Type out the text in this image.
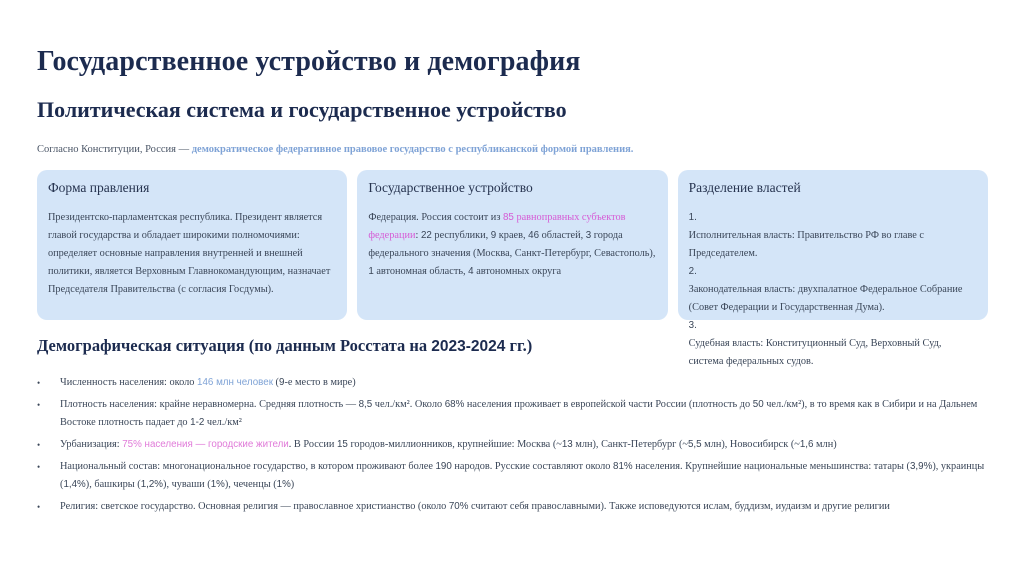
Государственное устройство и демография
Политическая система и государственное устройство

Согласно Конституции, Россия — демократическое федеративное правовое государство с республиканской формой правления.

Форма правления
Президентско-парламентская республика. Президент является главой государства и обладает широкими полномочиями: определяет основные направления внутренней и внешней политики, является Верховным Главнокомандующим, назначает Председателя Правительства (с согласия Госдумы).
Государственное устройство
Федерация. Россия состоит из 85 равноправных субъектов федерации: 22 республики, 9 краев, 46 областей, 3 города федерального значения (Москва, Санкт-Петербург, Севастополь), 1 автономная область, 4 автономных округа
Разделение властей
1.
Исполнительная власть: Правительство РФ во главе с Председателем.
2.
Законодательная власть: двухпалатное Федеральное Собрание (Совет Федерации и Государственная Дума).
3.
Судебная власть: Конституционный Суд, Верховный Суд, система федеральных судов.
Демографическая ситуация (по данным Росстата на 2023-2024 гг.)
• Численность населения: около 146 млн человек (9-е место в мире)
• Плотность населения: крайне неравномерна. Средняя плотность — 8,5 чел./км². Около 68% населения проживает в европейской части России (плотность до 50 чел./км²), в то время как в Сибири и на Дальнем Востоке плотность падает до 1-2 чел./км²
• Урбанизация: 75% населения — городские жители. В России 15 городов-миллионников, крупнейшие: Москва (~13 млн), Санкт-Петербург (~5,5 млн), Новосибирск (~1,6 млн)
• Национальный состав: многонациональное государство, в котором проживают более 190 народов. Русские составляют около 81% населения. Крупнейшие национальные меньшинства: татары (3,9%), украинцы (1,4%), башкиры (1,2%), чуваши (1%), чеченцы (1%)
• Религия: светское государство. Основная религия — православное христианство (около 70% считают себя православными). Также исповедуются ислам, буддизм, иудаизм и другие религии
